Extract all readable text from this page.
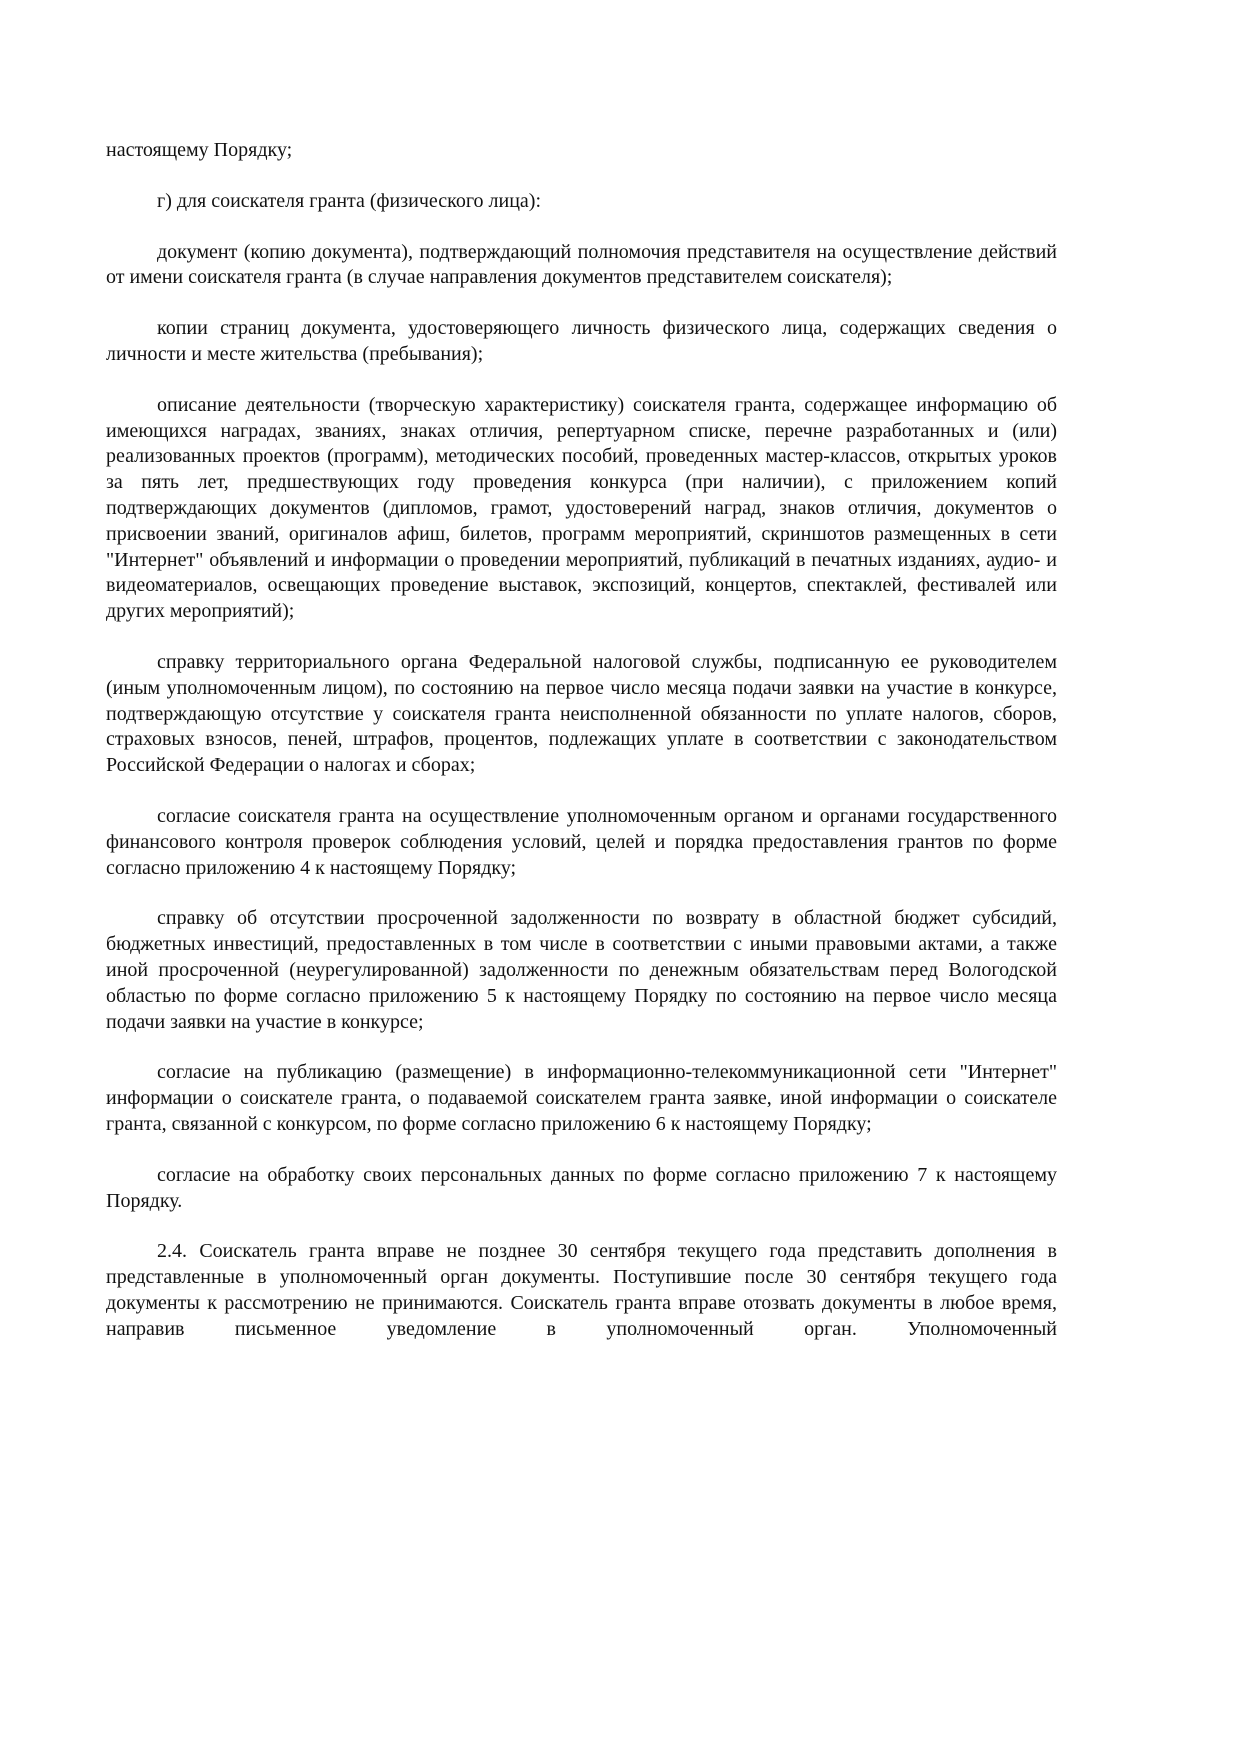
настоящему Порядку;

г) для соискателя гранта (физического лица):

документ (копию документа), подтверждающий полномочия представителя на осуществление действий от имени соискателя гранта (в случае направления документов представителем соискателя);

копии страниц документа, удостоверяющего личность физического лица, содержащих сведения о личности и месте жительства (пребывания);

описание деятельности (творческую характеристику) соискателя гранта, содержащее информацию об имеющихся наградах, званиях, знаках отличия, репертуарном списке, перечне разработанных и (или) реализованных проектов (программ), методических пособий, проведенных мастер-классов, открытых уроков за пять лет, предшествующих году проведения конкурса (при наличии), с приложением копий подтверждающих документов (дипломов, грамот, удостоверений наград, знаков отличия, документов о присвоении званий, оригиналов афиш, билетов, программ мероприятий, скриншотов размещенных в сети "Интернет" объявлений и информации о проведении мероприятий, публикаций в печатных изданиях, аудио- и видеоматериалов, освещающих проведение выставок, экспозиций, концертов, спектаклей, фестивалей или других мероприятий);

справку территориального органа Федеральной налоговой службы, подписанную ее руководителем (иным уполномоченным лицом), по состоянию на первое число месяца подачи заявки на участие в конкурсе, подтверждающую отсутствие у соискателя гранта неисполненной обязанности по уплате налогов, сборов, страховых взносов, пеней, штрафов, процентов, подлежащих уплате в соответствии с законодательством Российской Федерации о налогах и сборах;

согласие соискателя гранта на осуществление уполномоченным органом и органами государственного финансового контроля проверок соблюдения условий, целей и порядка предоставления грантов по форме согласно приложению 4 к настоящему Порядку;

справку об отсутствии просроченной задолженности по возврату в областной бюджет субсидий, бюджетных инвестиций, предоставленных в том числе в соответствии с иными правовыми актами, а также иной просроченной (неурегулированной) задолженности по денежным обязательствам перед Вологодской областью по форме согласно приложению 5 к настоящему Порядку по состоянию на первое число месяца подачи заявки на участие в конкурсе;

согласие на публикацию (размещение) в информационно-телекоммуникационной сети "Интернет" информации о соискателе гранта, о подаваемой соискателем гранта заявке, иной информации о соискателе гранта, связанной с конкурсом, по форме согласно приложению 6 к настоящему Порядку;

согласие на обработку своих персональных данных по форме согласно приложению 7 к настоящему Порядку.

2.4. Соискатель гранта вправе не позднее 30 сентября текущего года представить дополнения в представленные в уполномоченный орган документы. Поступившие после 30 сентября текущего года документы к рассмотрению не принимаются. Соискатель гранта вправе отозвать документы в любое время, направив письменное уведомление в уполномоченный орган. Уполномоченный
